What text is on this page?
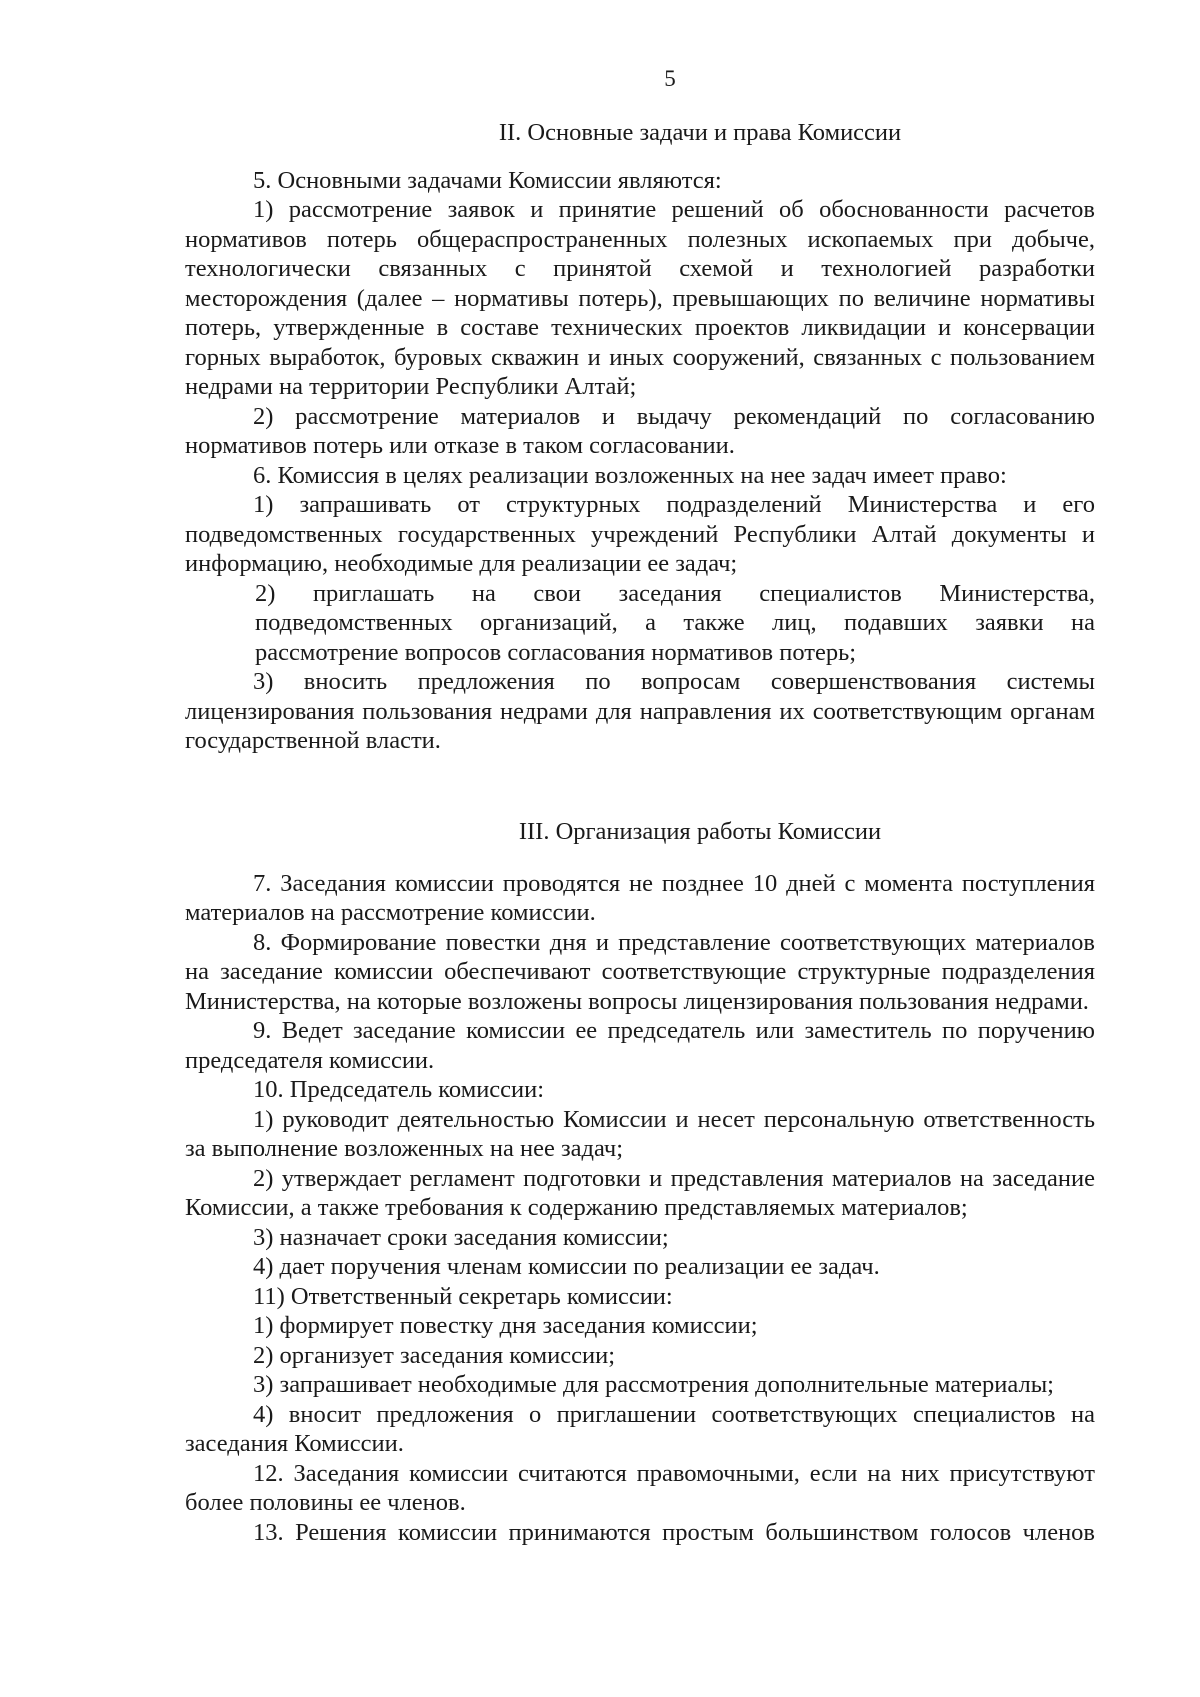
5
II. Основные задачи и права Комиссии
5. Основными задачами Комиссии являются:
1) рассмотрение заявок и принятие решений об обоснованности расчетов нормативов потерь общераспространенных полезных ископаемых при добыче, технологически связанных с принятой схемой и технологией разработки месторождения (далее – нормативы потерь), превышающих по величине нормативы потерь, утвержденные в составе технических проектов ликвидации и консервации горных выработок, буровых скважин и иных сооружений, связанных с пользованием недрами на территории Республики Алтай;
2) рассмотрение материалов и выдачу рекомендаций по согласованию нормативов потерь или отказе в таком согласовании.
6. Комиссия в целях реализации возложенных на нее задач имеет право:
1) запрашивать от структурных подразделений Министерства и его подведомственных государственных учреждений Республики Алтай документы и информацию, необходимые для реализации ее задач;
2) приглашать на свои заседания специалистов Министерства, подведомственных организаций, а также лиц, подавших заявки на рассмотрение вопросов согласования нормативов потерь;
3) вносить предложения по вопросам совершенствования системы лицензирования пользования недрами для направления их соответствующим органам государственной власти.
III. Организация работы Комиссии
7. Заседания комиссии проводятся не позднее 10 дней с момента поступления материалов на рассмотрение комиссии.
8. Формирование повестки дня и представление соответствующих материалов на заседание комиссии обеспечивают соответствующие структурные подразделения Министерства, на которые возложены вопросы лицензирования пользования недрами.
9. Ведет заседание комиссии ее председатель или заместитель по поручению председателя комиссии.
10. Председатель комиссии:
1) руководит деятельностью Комиссии и несет персональную ответственность за выполнение возложенных на нее задач;
2) утверждает регламент подготовки и представления материалов на заседание Комиссии, а также требования к содержанию представляемых материалов;
3) назначает сроки заседания комиссии;
4) дает поручения членам комиссии по реализации ее задач.
11) Ответственный секретарь комиссии:
1) формирует повестку дня заседания комиссии;
2) организует заседания комиссии;
3) запрашивает необходимые для рассмотрения дополнительные материалы;
4) вносит предложения о приглашении соответствующих специалистов на заседания Комиссии.
12. Заседания комиссии считаются правомочными, если на них присутствуют более половины ее членов.
13. Решения комиссии принимаются простым большинством голосов членов
